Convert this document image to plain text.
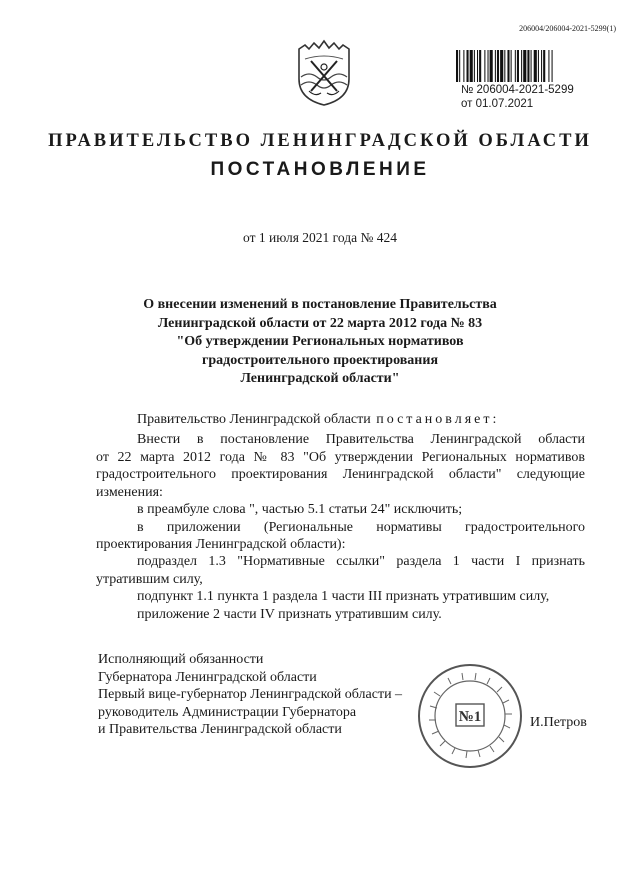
206004/206004-2021-5299(1)
№ 206004-2021-5299
от 01.07.2021
ПРАВИТЕЛЬСТВО ЛЕНИНГРАДСКОЙ ОБЛАСТИ
ПОСТАНОВЛЕНИЕ
от 1 июля 2021 года № 424
О внесении изменений в постановление Правительства
Ленинградской области от 22 марта 2012 года № 83
"Об утверждении Региональных нормативов
градостроительного проектирования
Ленинградской области"
Правительство Ленинградской области постановляет:
Внести в постановление Правительства Ленинградской области
от 22 марта 2012 года № 83 "Об утверждении Региональных нормативов
градостроительного проектирования Ленинградской области" следующие
изменения:
в преамбуле слова ", частью 5.1 статьи 24" исключить;
в приложении (Региональные нормативы градостроительного
проектирования Ленинградской области):
подраздел 1.3 "Нормативные ссылки" раздела 1 части I признать
утратившим силу,
подпункт 1.1 пункта 1 раздела 1 части III признать утратившим силу,
приложение 2 части IV признать утратившим силу.
Исполняющий обязанности
Губернатора Ленинградской области
Первый вице-губернатор Ленинградской области –
руководитель Администрации Губернатора
и Правительства Ленинградской области
№1	И.Петров
